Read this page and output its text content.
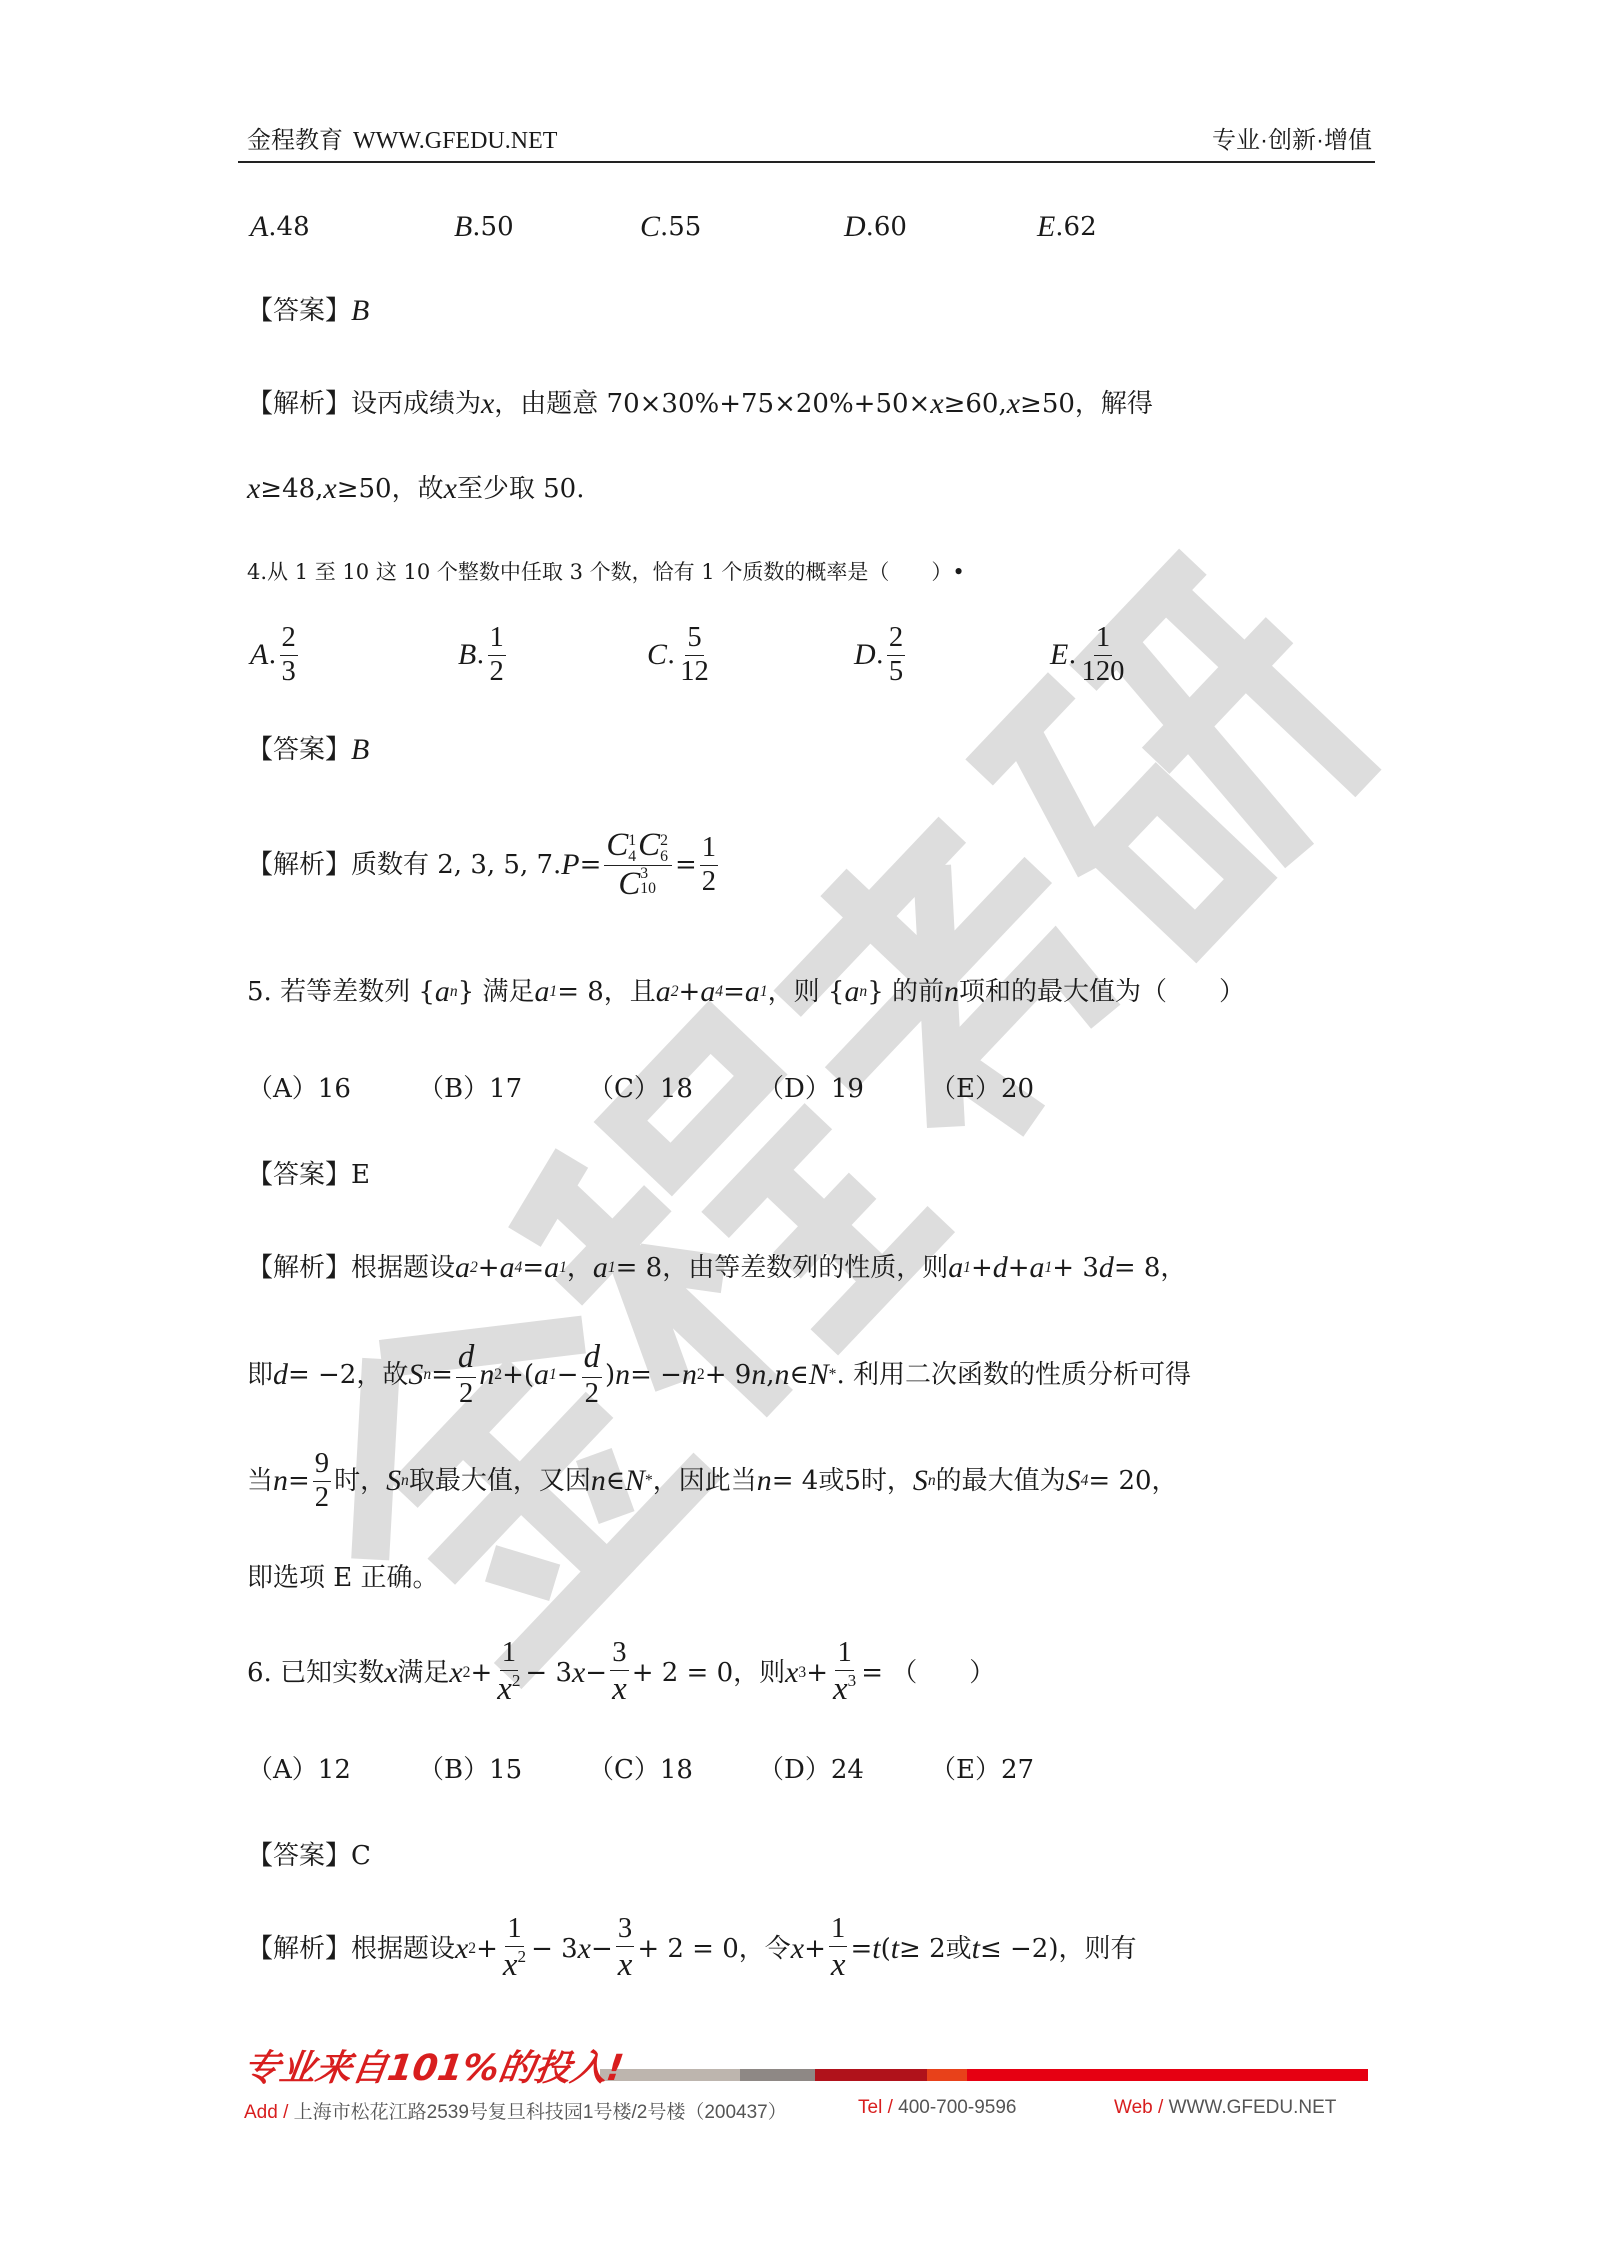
金程教育 WWW.GFEDU.NET	专业·创新·增值
【答案】 B
【解析】设丙成绩为 x ，由题意 70×30%+75×20%+50× x ≥60, x ≥50，解得
x ≥48, x ≥50，故 x 至少取 50.
4.从 1 至 10 这 10 个整数中任取 3 个数，恰有 1 个质数的概率是（　　）•
【答案】 B
【解析】质数有 2, 3, 5, 7. P = C 1
4 C 2
6
C 3
$10 = \frac{1}{2}$
5. 若等差数列 { a n } 满足 a 1 = 8，且 a 2 + a 4 = a 1 ，则 { a n } 的前 n 项和的最大值为（　　）
【答案】E
【解析】根据题设 a 2 + a 4 = a 1 ， a 1 = 8，由等差数列的性质，则 a 1 + d + a 1 + 3 d = 8，
即 d = −2，故 S $n = \frac{d}{2}$ n 2 +( a $1 - \frac{d}{2}$ ) n = − n 2 + 9 n , n ∈ N * . 利用二次函数的性质分析可得
当 $n = \frac{9}{2}$ 时， S n 取最大值，又因 n ∈ N * ，因此当 n = 4或5时， S n 的最大值为 S 4 = 20，
即选项 E 正确。
6. 已知实数 x 满足 x $2 + \frac{1}{x 2} - 3$ $x - \frac{3}{x} + 2 = 0$，则 x $3 + \frac{1}{x 3}$ = （　　）
【答案】C
【解析】根据题设 x $2 + \frac{1}{x 2} - 3$ $x - \frac{3}{x} + 2 = 0$，令 $x + \frac{1}{x} = t$ ( t ≥ 2或 t ≤ −2)，则有
A . 48	B . 50	C . 55	D . 60	E . 62
A . $\frac{2}{3}$	B . $\frac{1}{2}$	C . $\frac{5}{12}$	D . $\frac{2}{5}$	E . $\frac{1}{120}$
（A）16	（B）17	（C）18	（D）19	（E）20
（A）12	（B）15	（C）18	（D）24	（E）27
专业来自101%的投入!
Add / 上海市松花江路2539号复旦科技园1号楼/2号楼（200437）	Tel / 400-700-9596	Web / WWW.GFEDU.NET
